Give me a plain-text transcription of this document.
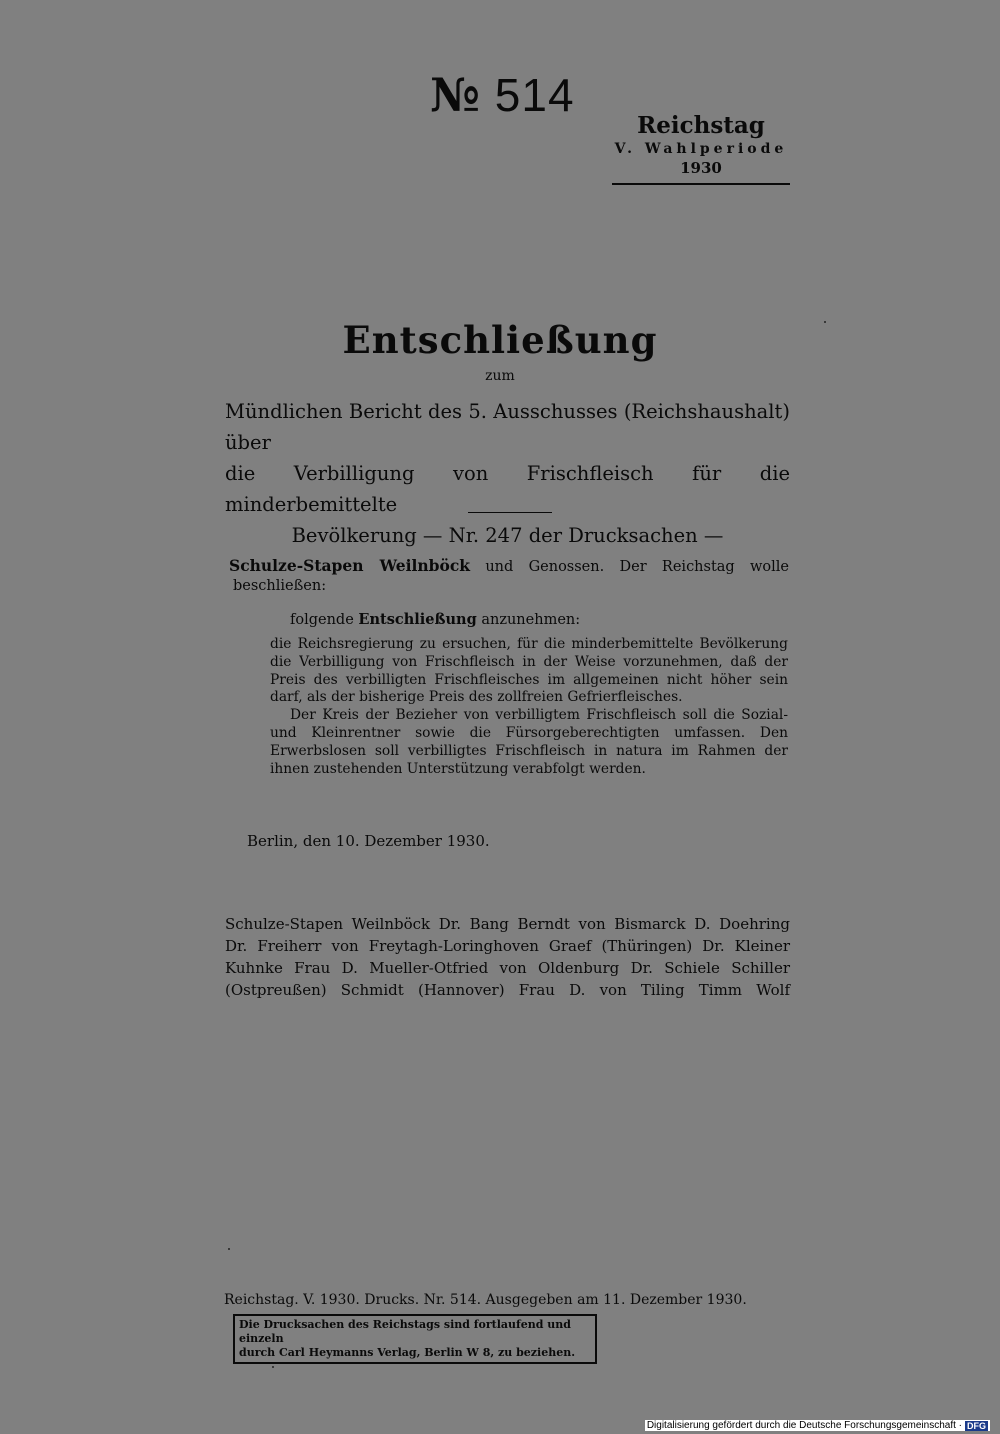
№ 514
Reichstag
V. Wahlperiode
1930
Entschließung
zum
Mündlichen Bericht des 5. Ausschusses (Reichshaushalt) über
die Verbilligung von Frischfleisch für die minderbemittelte
Bevölkerung — Nr. 247 der Drucksachen —
Schulze-Stapen Weilnböck und Genossen. Der Reichstag wolle
beschließen:
folgende Entschließung anzunehmen:

die Reichsregierung zu ersuchen, für die minderbemittelte Bevölkerung die Verbilligung von Frischfleisch in der Weise vorzunehmen, daß der Preis des verbilligten Frischfleisches im allgemeinen nicht höher sein darf, als der bisherige Preis des zollfreien Gefrierfleisches.

Der Kreis der Bezieher von verbilligtem Frischfleisch soll die Sozial- und Kleinrentner sowie die Fürsorgeberechtigten umfassen. Den Erwerbslosen soll verbilligtes Frischfleisch in natura im Rahmen der ihnen zustehenden Unterstützung verabfolgt werden.

Berlin, den 10. Dezember 1930.
Schulze-Stapen Weilnböck Dr. Bang Berndt von Bismarck D. Doehring
Dr. Freiherr von Freytagh-Loringhoven Graef (Thüringen) Dr. Kleiner
Kuhnke Frau D. Mueller-Otfried von Oldenburg Dr. Schiele Schiller
(Ostpreußen) Schmidt (Hannover) Frau D. von Tiling Timm Wolf
Reichstag. V. 1930. Drucks. Nr. 514. Ausgegeben am 11. Dezember 1930.
Die Drucksachen des Reichstags sind fortlaufend und einzeln
durch Carl Heymanns Verlag, Berlin W 8, zu beziehen.
Digitalisierung gefördert durch die Deutsche Forschungsgemeinschaft · DFG
